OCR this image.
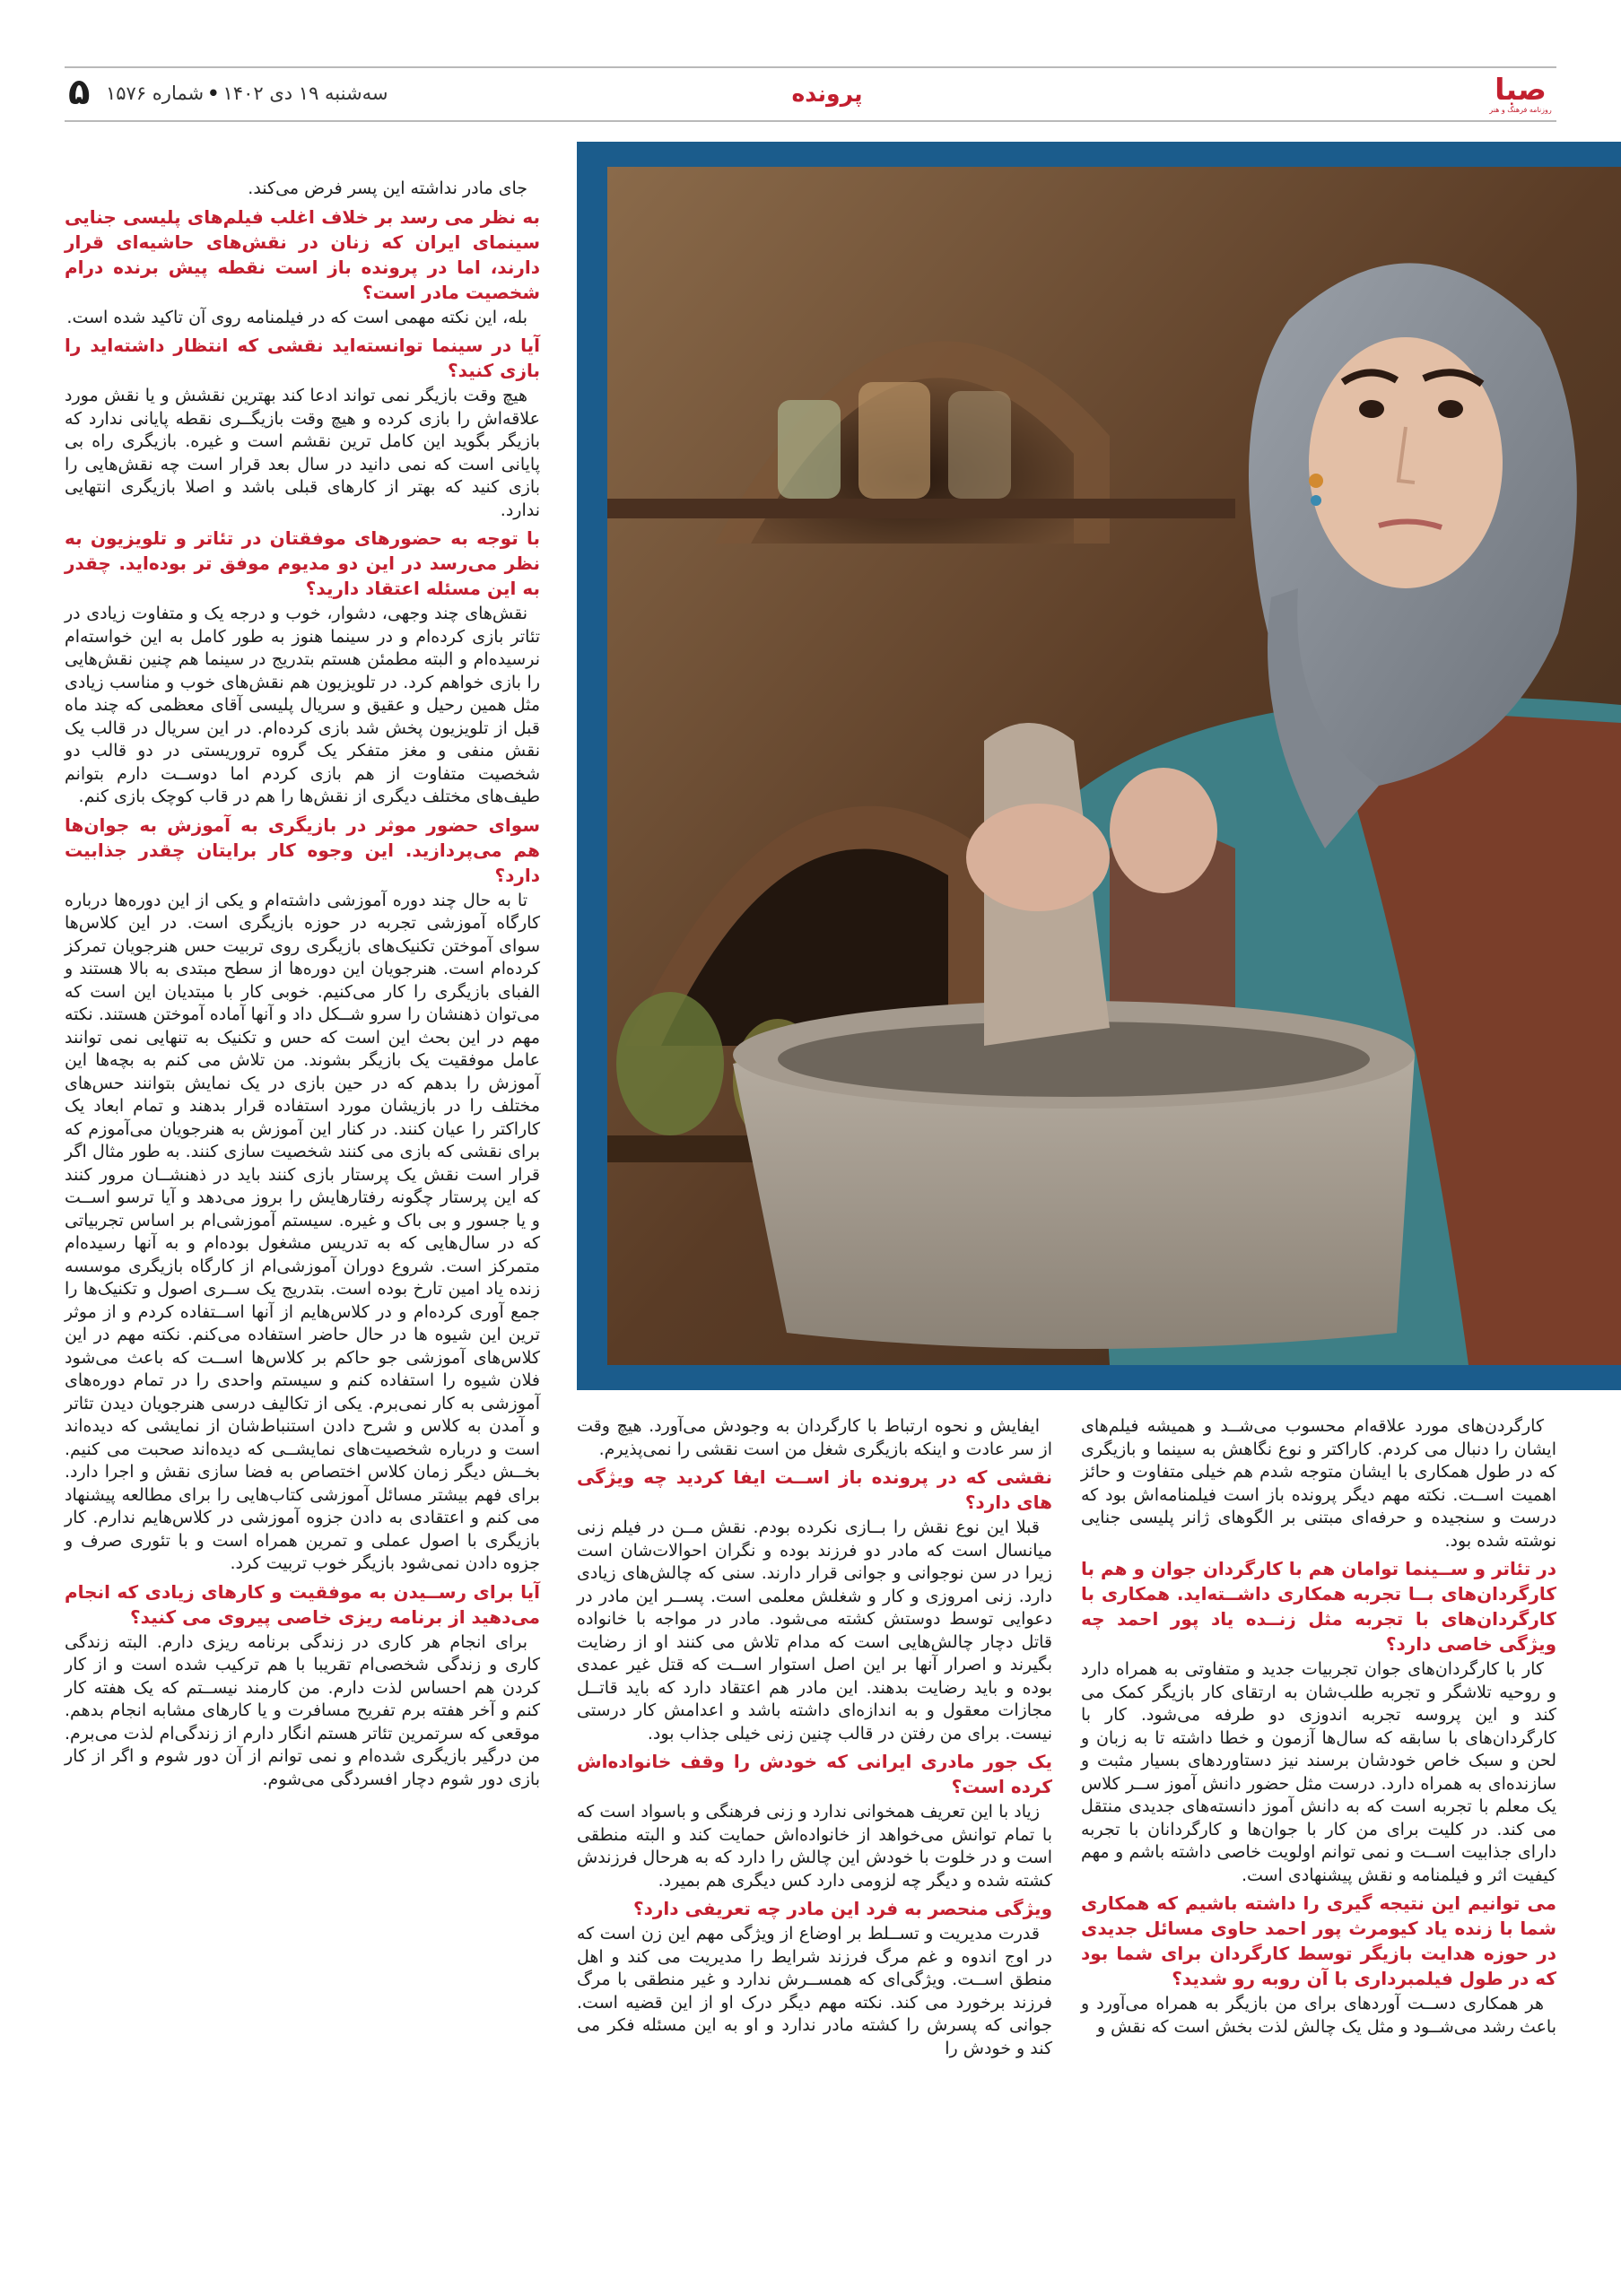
صبا
روزنامه فرهنگ و هنر
پرونده
۵	سه‌شنبه ۱۹ دی ۱۴۰۲•شماره ۱۵۷۶

جای مادر نداشته این پسر فرض می‌کند.

به نظر می رسد بر خلاف اغلب فیلم‌های پلیسی جنایی سینمای ایران که زنان در نقش‌های حاشیه‌ای قرار دارند، اما در پرونده باز است نقطه پیش برنده درام شخصیت مادر است؟

بله، این نکته مهمی است که در فیلمنامه روی آن تاکید شده است.

آیا در سینما توانسته‌اید نقشی که انتظار داشته‌اید را بازی کنید؟

هیچ وقت بازیگر نمی تواند ادعا کند بهترین نقشش و یا نقش مورد علاقه‌اش را بازی کرده و هیچ وقت بازیگــری نقطه پایانی ندارد که بازیگر بگوید این کامل ترین نقشم است و غیره. بازیگری راه بی پایانی است که نمی دانید در سال بعد قرار است چه نقش‌هایی را بازی کنید که بهتر از کارهای قبلی باشد و اصلا بازیگری انتهایی ندارد.

با توجه به حضورهای موفقتان در تئاتر و تلویزیون به نظر می‌رسد در این دو مدیوم موفق تر بوده‌اید. چقدر به این مسئله اعتقاد دارید؟

نقش‌های چند وجهی، دشوار، خوب و درجه یک و متفاوت زیادی در تئاتر بازی کرده‌ام و در سینما هنوز به طور کامل به این خواسته‌ام نرسیده‌ام و البته مطمئن هستم بتدریج در سینما هم چنین نقش‌هایی را بازی خواهم کرد. در تلویزیون هم نقش‌های خوب و مناسب زیادی مثل همین رحیل و عقیق و سریال پلیسی آقای معظمی که چند ماه قبل از تلویزیون پخش شد بازی کرده‌ام. در این سریال در قالب یک نقش منفی و مغز متفکر یک گروه تروریستی در دو قالب دو شخصیت متفاوت از هم بازی کردم اما دوســت دارم بتوانم طیف‌های مختلف دیگری از نقش‌ها را هم در قاب کوچک بازی کنم.

سوای حضور موثر در بازیگری به آموزش به جوان‌ها هم می‌پردازید. این وجوه کار برایتان چقدر جذابیت دارد؟

تا به حال چند دوره آموزشی داشته‌ام و یکی از این دوره‌ها درباره کارگاه آموزشی تجربه در حوزه بازیگری است. در این کلاس‌ها سوای آموختن تکنیک‌های بازیگری روی تربیت حس هنرجویان تمرکز کرده‌ام است. هنرجویان این دوره‌ها از سطح مبتدی به بالا هستند و الفبای بازیگری را کار می‌کنیم. خوبی کار با مبتدیان این است که می‌توان ذهنشان را سرو شــکل داد و آنها آماده آموختن هستند. نکته مهم در این بحث این است که حس و تکنیک به تنهایی نمی توانند عامل موفقیت یک بازیگر بشوند. من تلاش می کنم به بچه‌ها این آموزش را بدهم که در حین بازی در یک نمایش بتوانند حس‌های مختلف را در بازیشان مورد استفاده قرار بدهند و تمام ابعاد یک کاراکتر را عیان کنند. در کنار این آموزش به هنرجویان می‌آموزم که برای نقشی که بازی می کنند شخصیت سازی کنند. به طور مثال اگر قرار است نقش یک پرستار بازی کنند باید در ذهنشــان مرور کنند که این پرستار چگونه رفتارهایش را بروز می‌دهد و آیا ترسو اســت و یا جسور و بی باک و غیره. سیستم آموزشی‌ام بر اساس تجربیاتی که در سال‌هایی که به تدریس مشغول بوده‌ام و به آنها رسیده‌ام متمرکز است. شروع دوران آموزشی‌ام از کارگاه بازیگری موسسه زنده یاد امین تارخ بوده است. بتدریج یک ســری اصول و تکنیک‌ها را جمع آوری کرده‌ام و در کلاس‌هایم از آنها اســتفاده کردم و از موثر ترین این شیوه ها در حال حاضر استفاده می‌کنم. نکته مهم در این کلاس‌های آموزشی جو حاکم بر کلاس‌ها اســت که باعث می‌شود فلان شیوه را استفاده کنم و سیستم واحدی را در تمام دوره‌های آموزشی به کار نمی‌برم. یکی از تکالیف درسی هنرجویان دیدن تئاتر و آمدن به کلاس و شرح دادن استنباط‌شان از نمایشی که دیده‌اند است و درباره شخصیت‌های نمایشــی که دیده‌اند صحبت می کنیم. بخــش دیگر زمان کلاس اختصاص به فضا سازی نقش و اجرا دارد. برای فهم بیشتر مسائل آموزشی کتاب‌هایی را برای مطالعه پیشنهاد می کنم و اعتقادی به دادن جزوه آموزشی در کلاس‌هایم ندارم. کار بازیگری با اصول عملی و تمرین همراه است و با تئوری صرف و جزوه دادن نمی‌شود بازیگر خوب تربیت کرد.

آیا برای رســیدن به موفقیت و کارهای زیادی که انجام می‌دهید از برنامه ریزی خاصی پیروی می کنید؟

برای انجام هر کاری در زندگی برنامه ریزی دارم. البته زندگی کاری و زندگی شخصی‌ام تقریبا با هم ترکیب شده است و از کار کردن هم احساس لذت دارم. من کارمند نیســتم که یک هفته کار کنم و آخر هفته برم تفریح مسافرت و یا کارهای مشابه انجام بدهم. موقعی که سرتمرین تئاتر هستم انگار دارم از زندگی‌ام لذت می‌برم. من درگیر بازیگری شده‌ام و نمی توانم از آن دور شوم و اگر از کار بازی دور شوم دچار افسردگی می‌شوم.

ایفایش و نحوه ارتباط با کارگردان به وجودش می‌آورد. هیچ وقت از سر عادت و اینکه بازیگری شغل من است نقشی را نمی‌پذیرم.

نقشی که در پرونده باز اســت ایفا کردید چه ویژگی های دارد؟

قبلا این نوع نقش را بــازی نکرده بودم. نقش مــن در فیلم زنی میانسال است که مادر دو فرزند بوده و نگران احوالات‌شان است زیرا در سن نوجوانی و جوانی قرار دارند. سنی که چالش‌های زیادی دارد. زنی امروزی و کار و شغلش معلمی است. پســر این مادر در دعوایی توسط دوستش کشته می‌شود. مادر در مواجه با خانواده قاتل دچار چالش‌هایی است که مدام تلاش می کنند او از رضایت بگیرند و اصرار آنها بر این اصل استوار اســت که قتل غیر عمدی بوده و باید رضایت بدهند. این مادر هم اعتقاد دارد که باید قاتــل مجازات معقول و به اندازه‌ای داشته باشد و اعدامش کار درستی نیست. برای من رفتن در قالب چنین زنی خیلی جذاب بود.

یک جور مادری ایرانی که خودش را وقف خانواده‌اش کرده است؟

زیاد با این تعریف همخوانی ندارد و زنی فرهنگی و باسواد است که با تمام توانش می‌خواهد از خانواده‌اش حمایت کند و البته منطقی است و در خلوت با خودش این چالش را دارد که به هرحال فرزندش کشته شده و دیگر چه لزومی دارد کس دیگری هم بمیرد.

ویژگی منحصر به فرد این مادر چه تعریفی دارد؟

قدرت مدیریت و تســلط بر اوضاع از ویژگی مهم این زن است که در اوج اندوه و غم مرگ فرزند شرایط را مدیریت می کند و اهل منطق اســت. ویژگی‌ای که همســرش ندارد و غیر منطقی با مرگ فرزند برخورد می کند. نکته مهم دیگر درک او از این قضیه است. جوانی که پسرش را کشته مادر ندارد و او به این مسئله فکر می کند و خودش را

کارگردن‌های مورد علاقه‌ام محسوب می‌شــد و همیشه فیلم‌های ایشان را دنبال می کردم. کاراکتر و نوع نگاهش به سینما و بازیگری که در طول همکاری با ایشان متوجه شدم هم خیلی متفاوت و حائز اهمیت اســت. نکته مهم دیگر پرونده باز است فیلمنامه‌اش بود که درست و سنجیده و حرفه‌ای مبتنی بر الگوهای ژانر پلیسی جنایی نوشته شده بود.

در تئاتر و ســینما توامان هم با کارگردان جوان و هم با کارگردان‌های بــا تجربه همکاری داشــته‌اید. همکاری با کارگردان‌های با تجربه مثل زنــده یاد پور احمد چه ویژگی خاصی دارد؟

کار با کارگردان‌های جوان تجربیات جدید و متفاوتی به همراه دارد و روحیه تلاشگر و تجربه طلب‌شان به ارتقای کار بازیگر کمک می کند و این پروسه تجربه اندوزی دو طرفه می‌شود. کار با کارگردان‌های با سابقه که سال‌ها آزمون و خطا داشته تا به زبان و لحن و سبک خاص خودشان برسند نیز دستاوردهای بسیار مثبت و سازنده‌ای به همراه دارد. درست مثل حضور دانش آموز ســر کلاس یک معلم با تجربه است که به دانش آموز دانسته‌های جدیدی منتقل می کند. در کلیت برای من کار با جوان‌ها و کارگردانان با تجربه دارای جذابیت اســت و نمی توانم اولویت خاصی داشته باشم و مهم کیفیت اثر و فیلمنامه و نقش پیشنهادی است.

می توانیم این نتیجه گیری را داشته باشیم که همکاری شما با زنده یاد کیومرث پور احمد حاوی مسائل جدیدی در حوزه هدایت بازیگر توسط کارگردان برای شما بود که در طول فیلمبرداری با آن روبه رو شدید؟

هر همکاری دســت آوردهای برای من بازیگر به همراه می‌آورد و باعث رشد می‌شــود و مثل یک چالش لذت بخش است که نقش و
